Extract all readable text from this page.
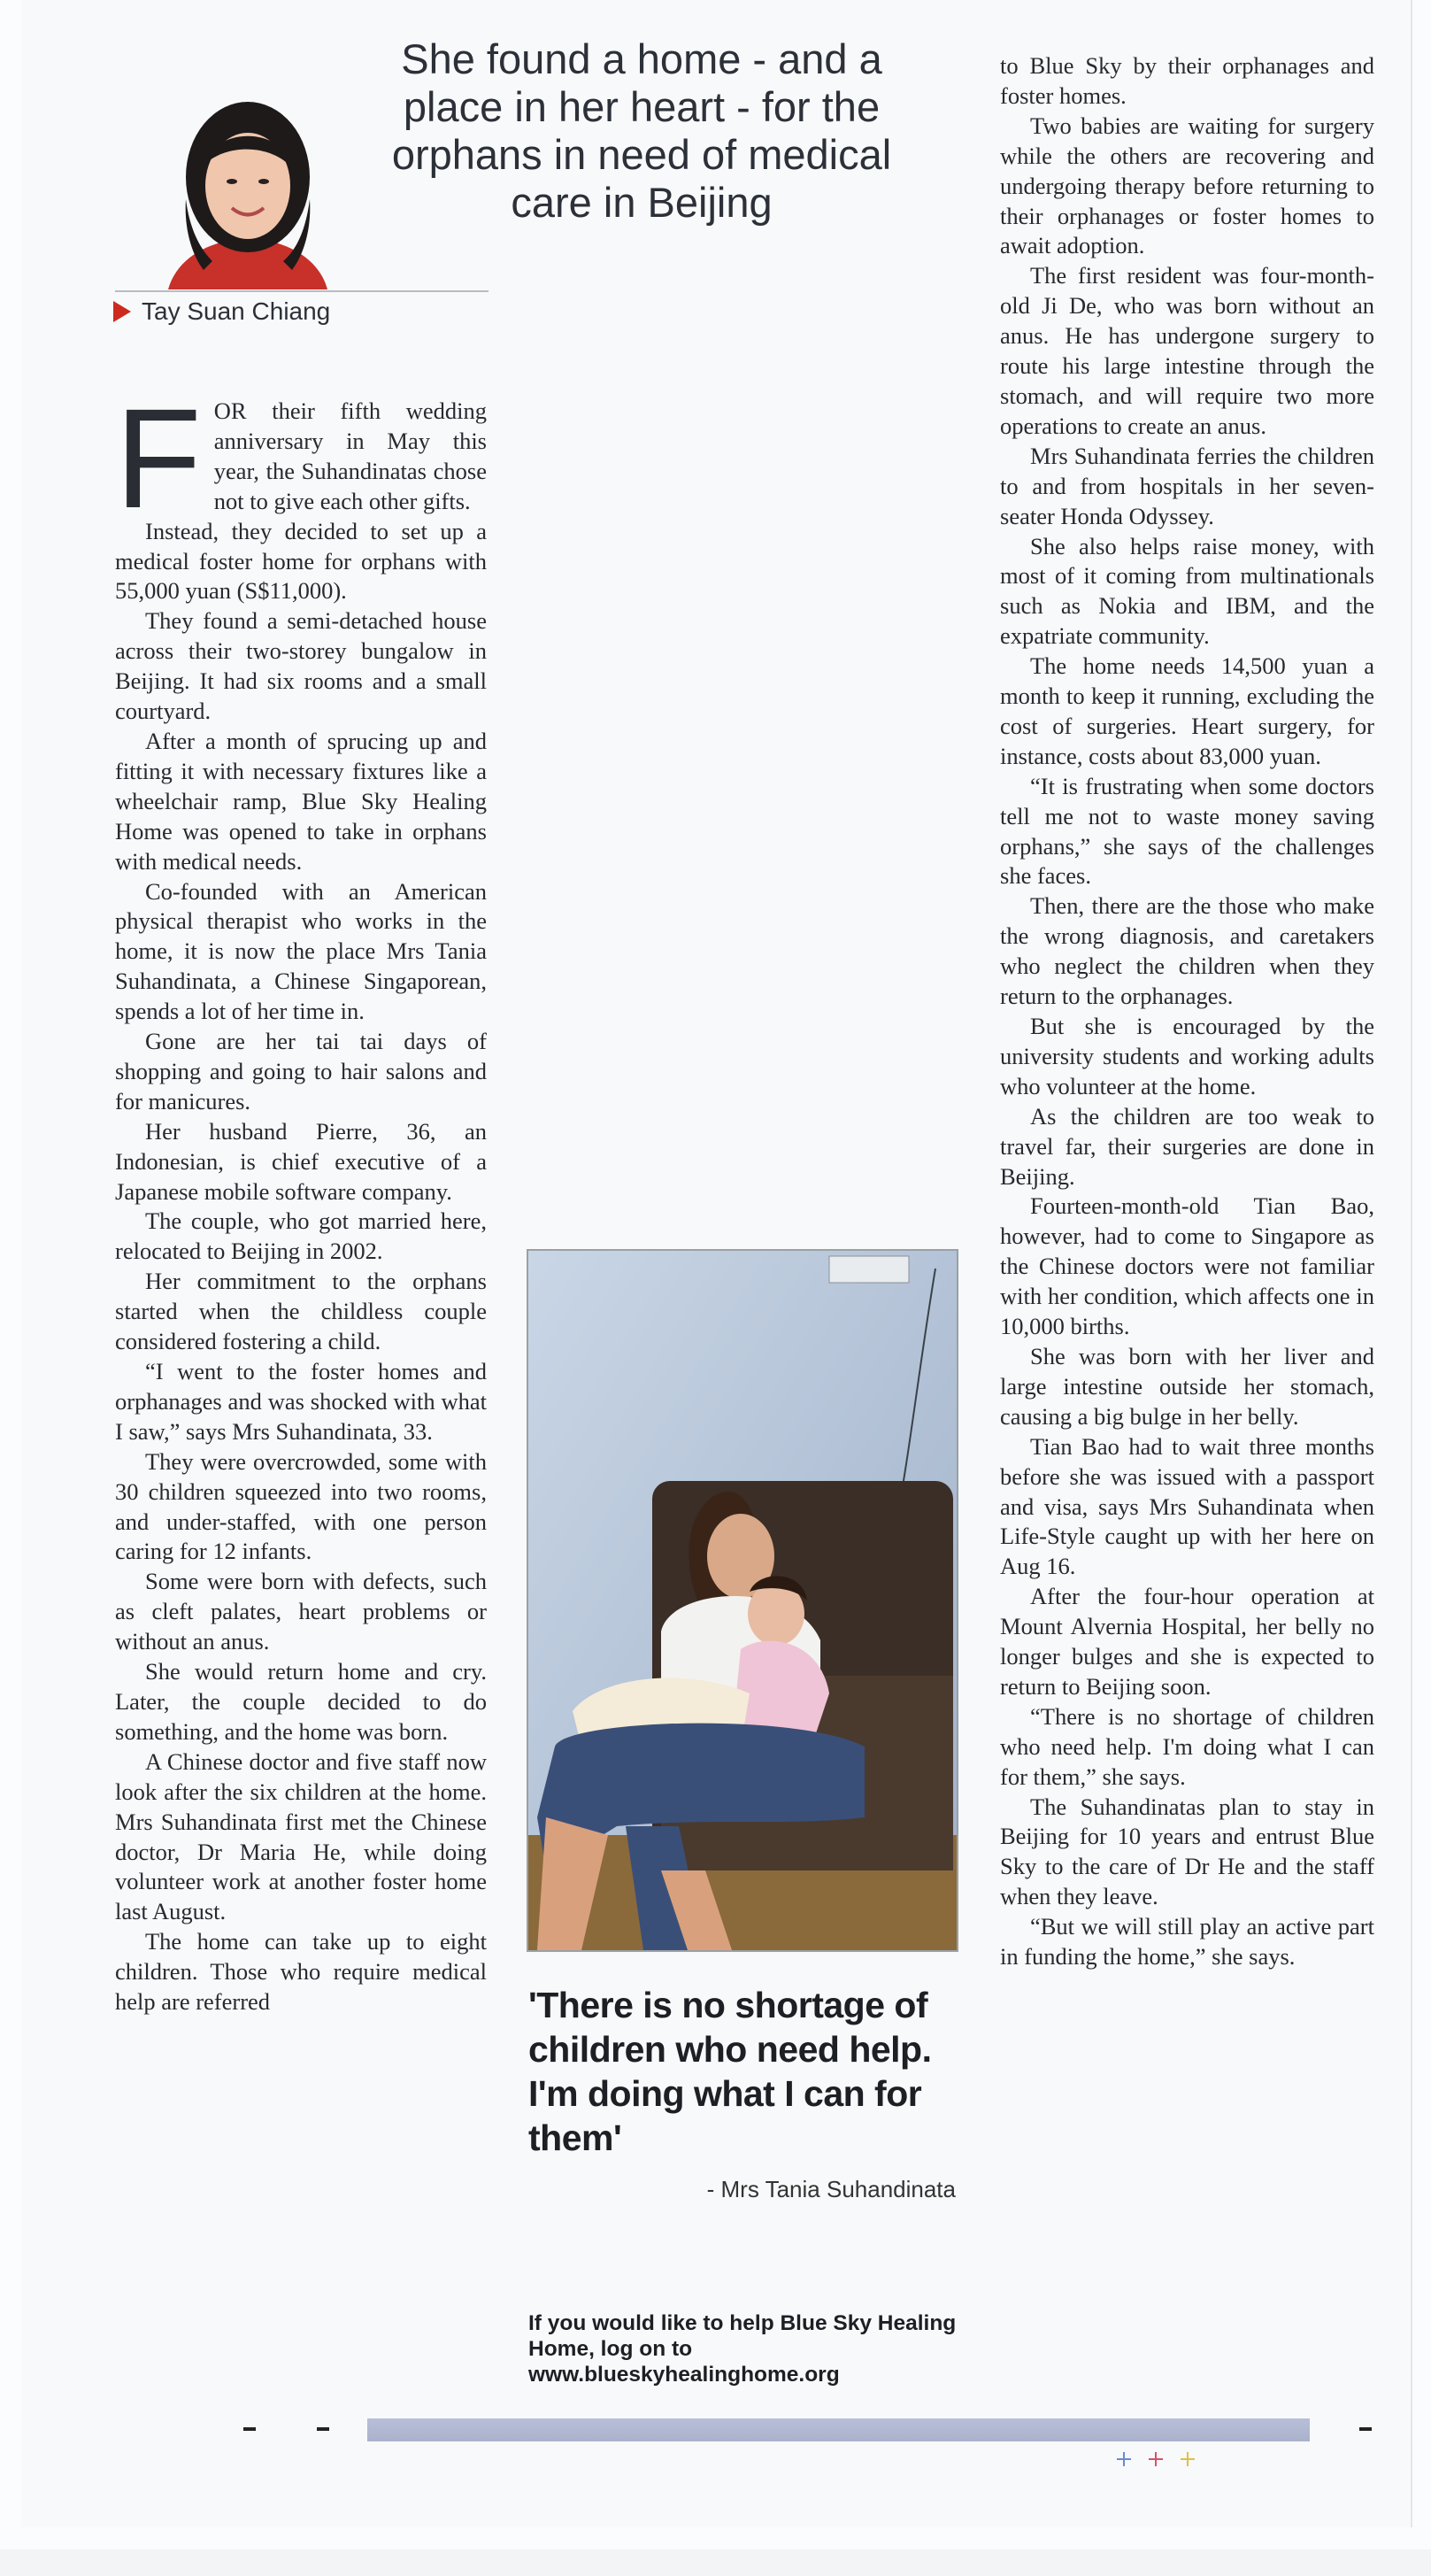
She found a home - and a place in her heart - for the orphans in need of medical care in Beijing
Tay Suan Chiang

FOR their fifth wedding anniversary in May this year, the Suhandinatas chose not to give each other gifts.

Instead, they decided to set up a medical foster home for orphans with 55,000 yuan (S$11,000).

They found a semi-detached house across their two-storey bungalow in Beijing. It had six rooms and a small courtyard.

After a month of sprucing up and fitting it with necessary fixtures like a wheelchair ramp, Blue Sky Healing Home was opened to take in orphans with medical needs.

Co-founded with an American physical therapist who works in the home, it is now the place Mrs Tania Suhandinata, a Chinese Singaporean, spends a lot of her time in.

Gone are her tai tai days of shopping and going to hair salons and for manicures.

Her husband Pierre, 36, an Indonesian, is chief executive of a Japanese mobile software company.

The couple, who got married here, relocated to Beijing in 2002.

Her commitment to the orphans started when the childless couple considered fostering a child.

“I went to the foster homes and orphanages and was shocked with what I saw,” says Mrs Suhandinata, 33.

They were overcrowded, some with 30 children squeezed into two rooms, and under-staffed, with one person caring for 12 infants.

Some were born with defects, such as cleft palates, heart problems or without an anus.

She would return home and cry. Later, the couple decided to do something, and the home was born.

A Chinese doctor and five staff now look after the six children at the home. Mrs Suhandinata first met the Chinese doctor, Dr Maria He, while doing volunteer work at another foster home last August.

The home can take up to eight children. Those who require medical help are referred	'There is no shortage of children who need help. I'm doing what I can for them'
- Mrs Tania Suhandinata
If you would like to help Blue Sky Healing Home, log on to www.blueskyhealinghome.org

to Blue Sky by their orphanages and foster homes.

Two babies are waiting for surgery while the others are recovering and undergoing therapy before returning to their orphanages or foster homes to await adoption.

The first resident was four-month-old Ji De, who was born without an anus. He has undergone surgery to route his large intestine through the stomach, and will require two more operations to create an anus.

Mrs Suhandinata ferries the children to and from hospitals in her seven-seater Honda Odyssey.

She also helps raise money, with most of it coming from multinationals such as Nokia and IBM, and the expatriate community.

The home needs 14,500 yuan a month to keep it running, excluding the cost of surgeries. Heart surgery, for instance, costs about 83,000 yuan.

“It is frustrating when some doctors tell me not to waste money saving orphans,” she says of the challenges she faces.

Then, there are the those who make the wrong diagnosis, and caretakers who neglect the children when they return to the orphanages.

But she is encouraged by the university students and working adults who volunteer at the home.

As the children are too weak to travel far, their surgeries are done in Beijing.

Fourteen-month-old Tian Bao, however, had to come to Singapore as the Chinese doctors were not familiar with her condition, which affects one in 10,000 births.

She was born with her liver and large intestine outside her stomach, causing a big bulge in her belly.

Tian Bao had to wait three months before she was issued with a passport and visa, says Mrs Suhandinata when Life-Style caught up with her here on Aug 16.

After the four-hour operation at Mount Alvernia Hospital, her belly no longer bulges and she is expected to return to Beijing soon.

“There is no shortage of children who need help. I'm doing what I can for them,” she says.

The Suhandinatas plan to stay in Beijing for 10 years and entrust Blue Sky to the care of Dr He and the staff when they leave.

“But we will still play an active part in funding the home,” she says.
